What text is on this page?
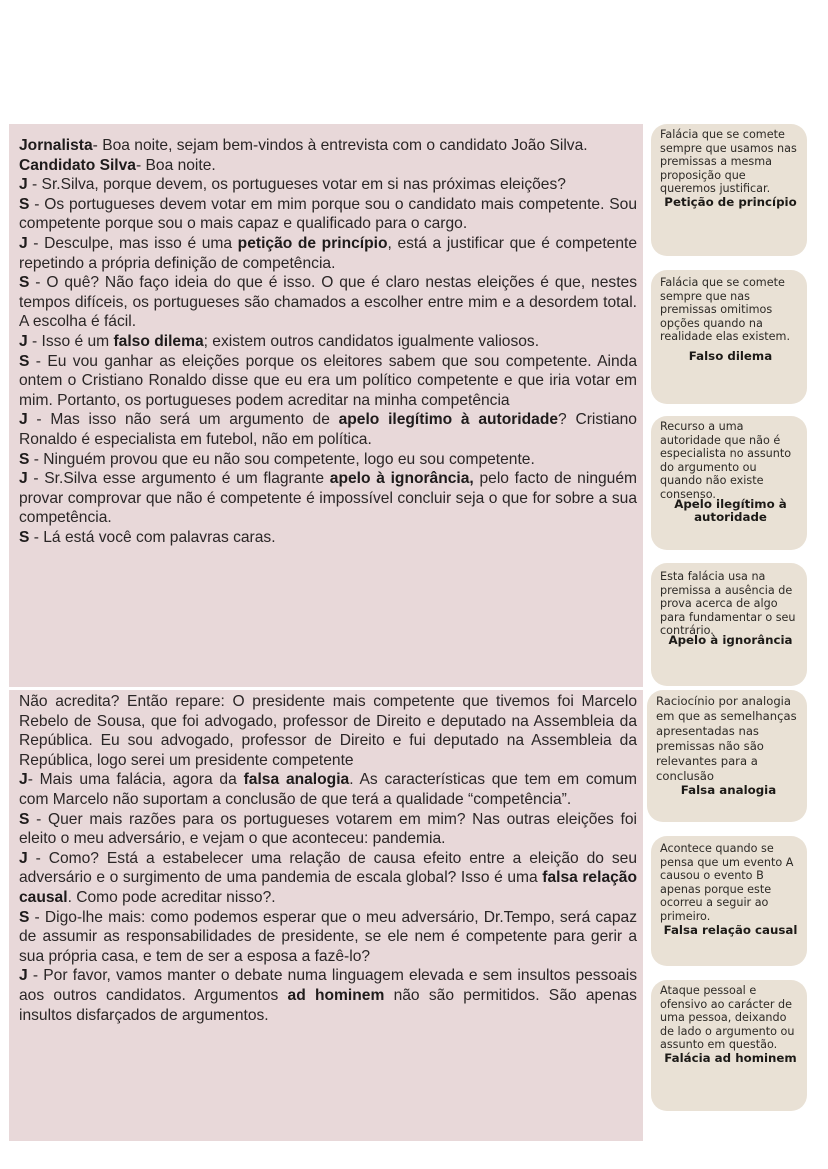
Jornalista- Boa noite, sejam bem-vindos à entrevista com o candidato João Silva.

Candidato Silva- Boa noite.

J - Sr.Silva, porque devem, os portugueses votar em si nas próximas eleições?

S - Os portugueses devem votar em mim porque sou o candidato mais competente. Sou competente porque sou o mais capaz e qualificado para o cargo.

J - Desculpe, mas isso é uma petição de princípio, está a justificar que é competente repetindo a própria definição de competência.

S - O quê? Não faço ideia do que é isso. O que é claro nestas eleições é que, nestes tempos difíceis, os portugueses são chamados a escolher entre mim e a desordem total. A escolha é fácil.

J - Isso é um falso dilema; existem outros candidatos igualmente valiosos.

S - Eu vou ganhar as eleições porque os eleitores sabem que sou competente. Ainda ontem o Cristiano Ronaldo disse que eu era um político competente e que iria votar em mim. Portanto, os portugueses podem acreditar na minha competência

J - Mas isso não será um argumento de apelo ilegítimo à autoridade? Cristiano Ronaldo é especialista em futebol, não em política.

S - Ninguém provou que eu não sou competente, logo eu sou competente.

J - Sr.Silva esse argumento é um flagrante apelo à ignorância, pelo facto de ninguém provar comprovar que não é competente é impossível concluir seja o que for sobre a sua competência.

S - Lá está você com palavras caras.

Não acredita? Então repare: O presidente mais competente que tivemos foi Marcelo Rebelo de Sousa, que foi advogado, professor de Direito e deputado na Assembleia da República. Eu sou advogado, professor de Direito e fui deputado na Assembleia da República, logo serei um presidente competente

J- Mais uma falácia, agora da falsa analogia. As características que tem em comum com Marcelo não suportam a conclusão de que terá a qualidade “competência”.

S - Quer mais razões para os portugueses votarem em mim? Nas outras eleições foi eleito o meu adversário, e vejam o que aconteceu: pandemia.

J - Como? Está a estabelecer uma relação de causa efeito entre a eleição do seu adversário e o surgimento de uma pandemia de escala global? Isso é uma falsa relação causal. Como pode acreditar nisso?.

S - Digo-lhe mais: como podemos esperar que o meu adversário, Dr.Tempo, será capaz de assumir as responsabilidades de presidente, se ele nem é competente para gerir a sua própria casa, e tem de ser a esposa a fazê-lo?

J - Por favor, vamos manter o debate numa linguagem elevada e sem insultos pessoais aos outros candidatos. Argumentos ad hominem não são permitidos. São apenas insultos disfarçados de argumentos.

Falácia que se comete sempre que usamos nas premissas a mesma proposição que queremos justificar.
Petição de princípio
Falácia que se comete sempre que nas premissas omitimos opções quando na realidade elas existem.
Falso dilema
Recurso a uma autoridade que não é especialista no assunto do argumento ou quando não existe consenso.
Apelo ilegítimo à autoridade
Esta falácia usa na premissa a ausência de prova acerca de algo para fundamentar o seu contrário.
Apelo à ignorância
Raciocínio por analogia em que as semelhanças apresentadas nas premissas não são relevantes para a conclusão
Falsa analogia
Acontece quando se pensa que um evento A causou o evento B apenas porque este ocorreu a seguir ao primeiro.
Falsa relação causal
Ataque pessoal e ofensivo ao carácter de uma pessoa, deixando de lado o argumento ou assunto em questão.
Falácia ad hominem
